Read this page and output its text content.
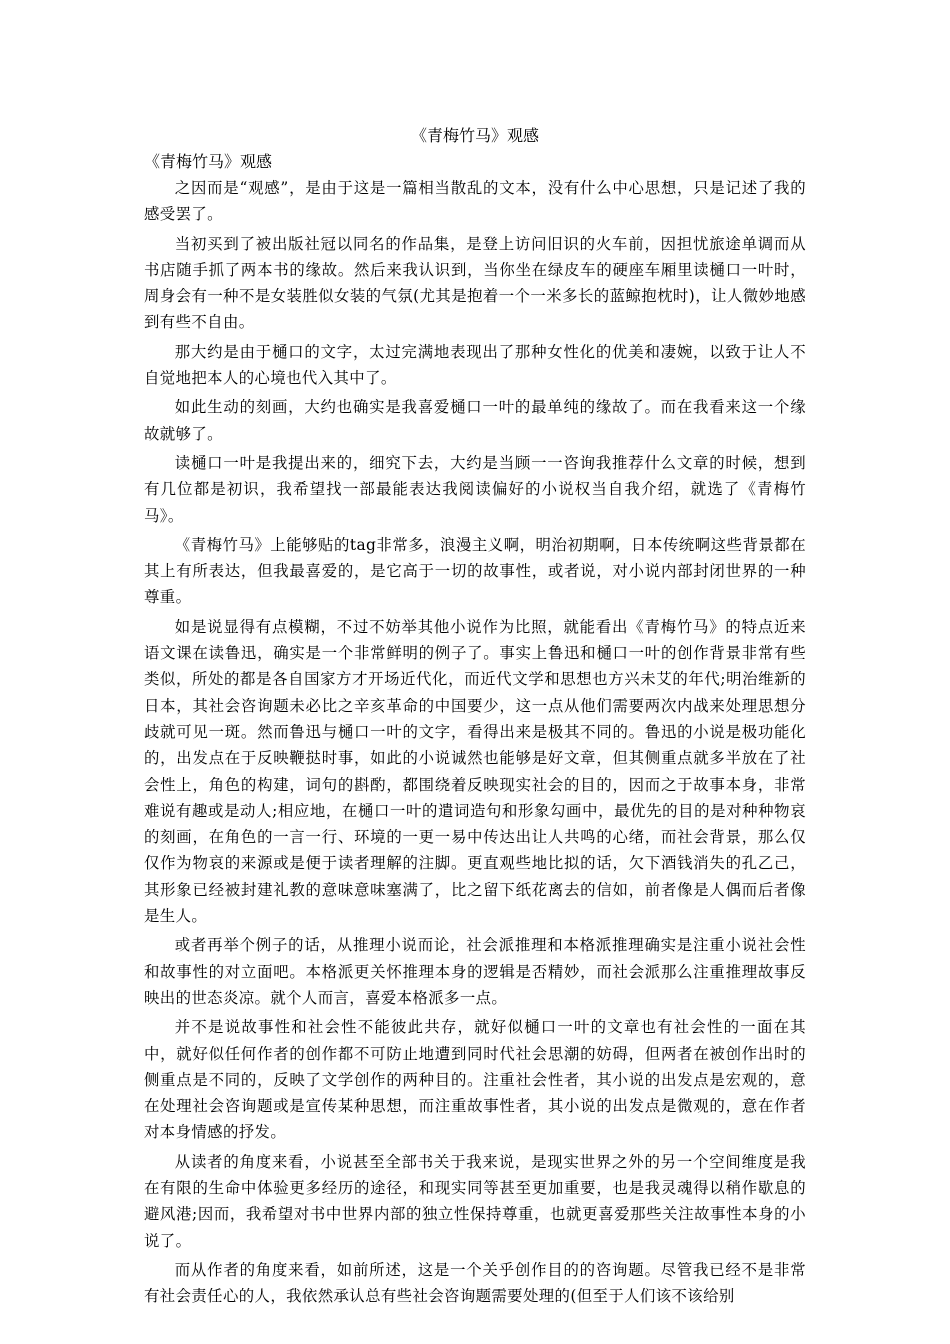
《青梅竹马》观感
《青梅竹马》观感

之因而是“观感”，是由于这是一篇相当散乱的文本，没有什么中心思想，只是记述了我的感受罢了。

当初买到了被出版社冠以同名的作品集，是登上访问旧识的火车前，因担忧旅途单调而从书店随手抓了两本书的缘故。然后来我认识到，当你坐在绿皮车的硬座车厢里读樋口一叶时，周身会有一种不是女装胜似女装的气氛(尤其是抱着一个一米多长的蓝鲸抱枕时)，让人微妙地感到有些不自由。

那大约是由于樋口的文字，太过完满地表现出了那种女性化的优美和凄婉，以致于让人不自觉地把本人的心境也代入其中了。

如此生动的刻画，大约也确实是我喜爱樋口一叶的最单纯的缘故了。而在我看来这一个缘故就够了。

读樋口一叶是我提出来的，细究下去，大约是当顾一一咨询我推荐什么文章的时候，想到有几位都是初识，我希望找一部最能表达我阅读偏好的小说权当自我介绍，就选了《青梅竹马》。

《青梅竹马》上能够贴的tag非常多，浪漫主义啊，明治初期啊，日本传统啊这些背景都在其上有所表达，但我最喜爱的，是它高于一切的故事性，或者说，对小说内部封闭世界的一种尊重。

如是说显得有点模糊，不过不妨举其他小说作为比照，就能看出《青梅竹马》的特点近来语文课在读鲁迅，确实是一个非常鲜明的例子了。事实上鲁迅和樋口一叶的创作背景非常有些类似，所处的都是各自国家方才开场近代化，而近代文学和思想也方兴未艾的年代;明治维新的日本，其社会咨询题未必比之辛亥革命的中国要少，这一点从他们需要两次内战来处理思想分歧就可见一斑。然而鲁迅与樋口一叶的文字，看得出来是极其不同的。鲁迅的小说是极功能化的，出发点在于反映鞭挞时事，如此的小说诚然也能够是好文章，但其侧重点就多半放在了社会性上，角色的构建，词句的斟酌，都围绕着反映现实社会的目的，因而之于故事本身，非常难说有趣或是动人;相应地，在樋口一叶的遣词造句和形象勾画中，最优先的目的是对种种物哀的刻画，在角色的一言一行、环境的一更一易中传达出让人共鸣的心绪，而社会背景，那么仅仅作为物哀的来源或是便于读者理解的注脚。更直观些地比拟的话，欠下酒钱消失的孔乙己，其形象已经被封建礼教的意味意味塞满了，比之留下纸花离去的信如，前者像是人偶而后者像是生人。

或者再举个例子的话，从推理小说而论，社会派推理和本格派推理确实是注重小说社会性和故事性的对立面吧。本格派更关怀推理本身的逻辑是否精妙，而社会派那么注重推理故事反映出的世态炎凉。就个人而言，喜爱本格派多一点。

并不是说故事性和社会性不能彼此共存，就好似樋口一叶的文章也有社会性的一面在其中，就好似任何作者的创作都不可防止地遭到同时代社会思潮的妨碍，但两者在被创作出时的侧重点是不同的，反映了文学创作的两种目的。注重社会性者，其小说的出发点是宏观的，意在处理社会咨询题或是宣传某种思想，而注重故事性者，其小说的出发点是微观的，意在作者对本身情感的抒发。

从读者的角度来看，小说甚至全部书关于我来说，是现实世界之外的另一个空间维度是我在有限的生命中体验更多经历的途径，和现实同等甚至更加重要，也是我灵魂得以稍作歇息的避风港;因而，我希望对书中世界内部的独立性保持尊重，也就更喜爱那些关注故事性本身的小说了。

而从作者的角度来看，如前所述，这是一个关乎创作目的的咨询题。尽管我已经不是非常有社会责任心的人，我依然承认总有些社会咨询题需要处理的(但至于人们该不该给别
